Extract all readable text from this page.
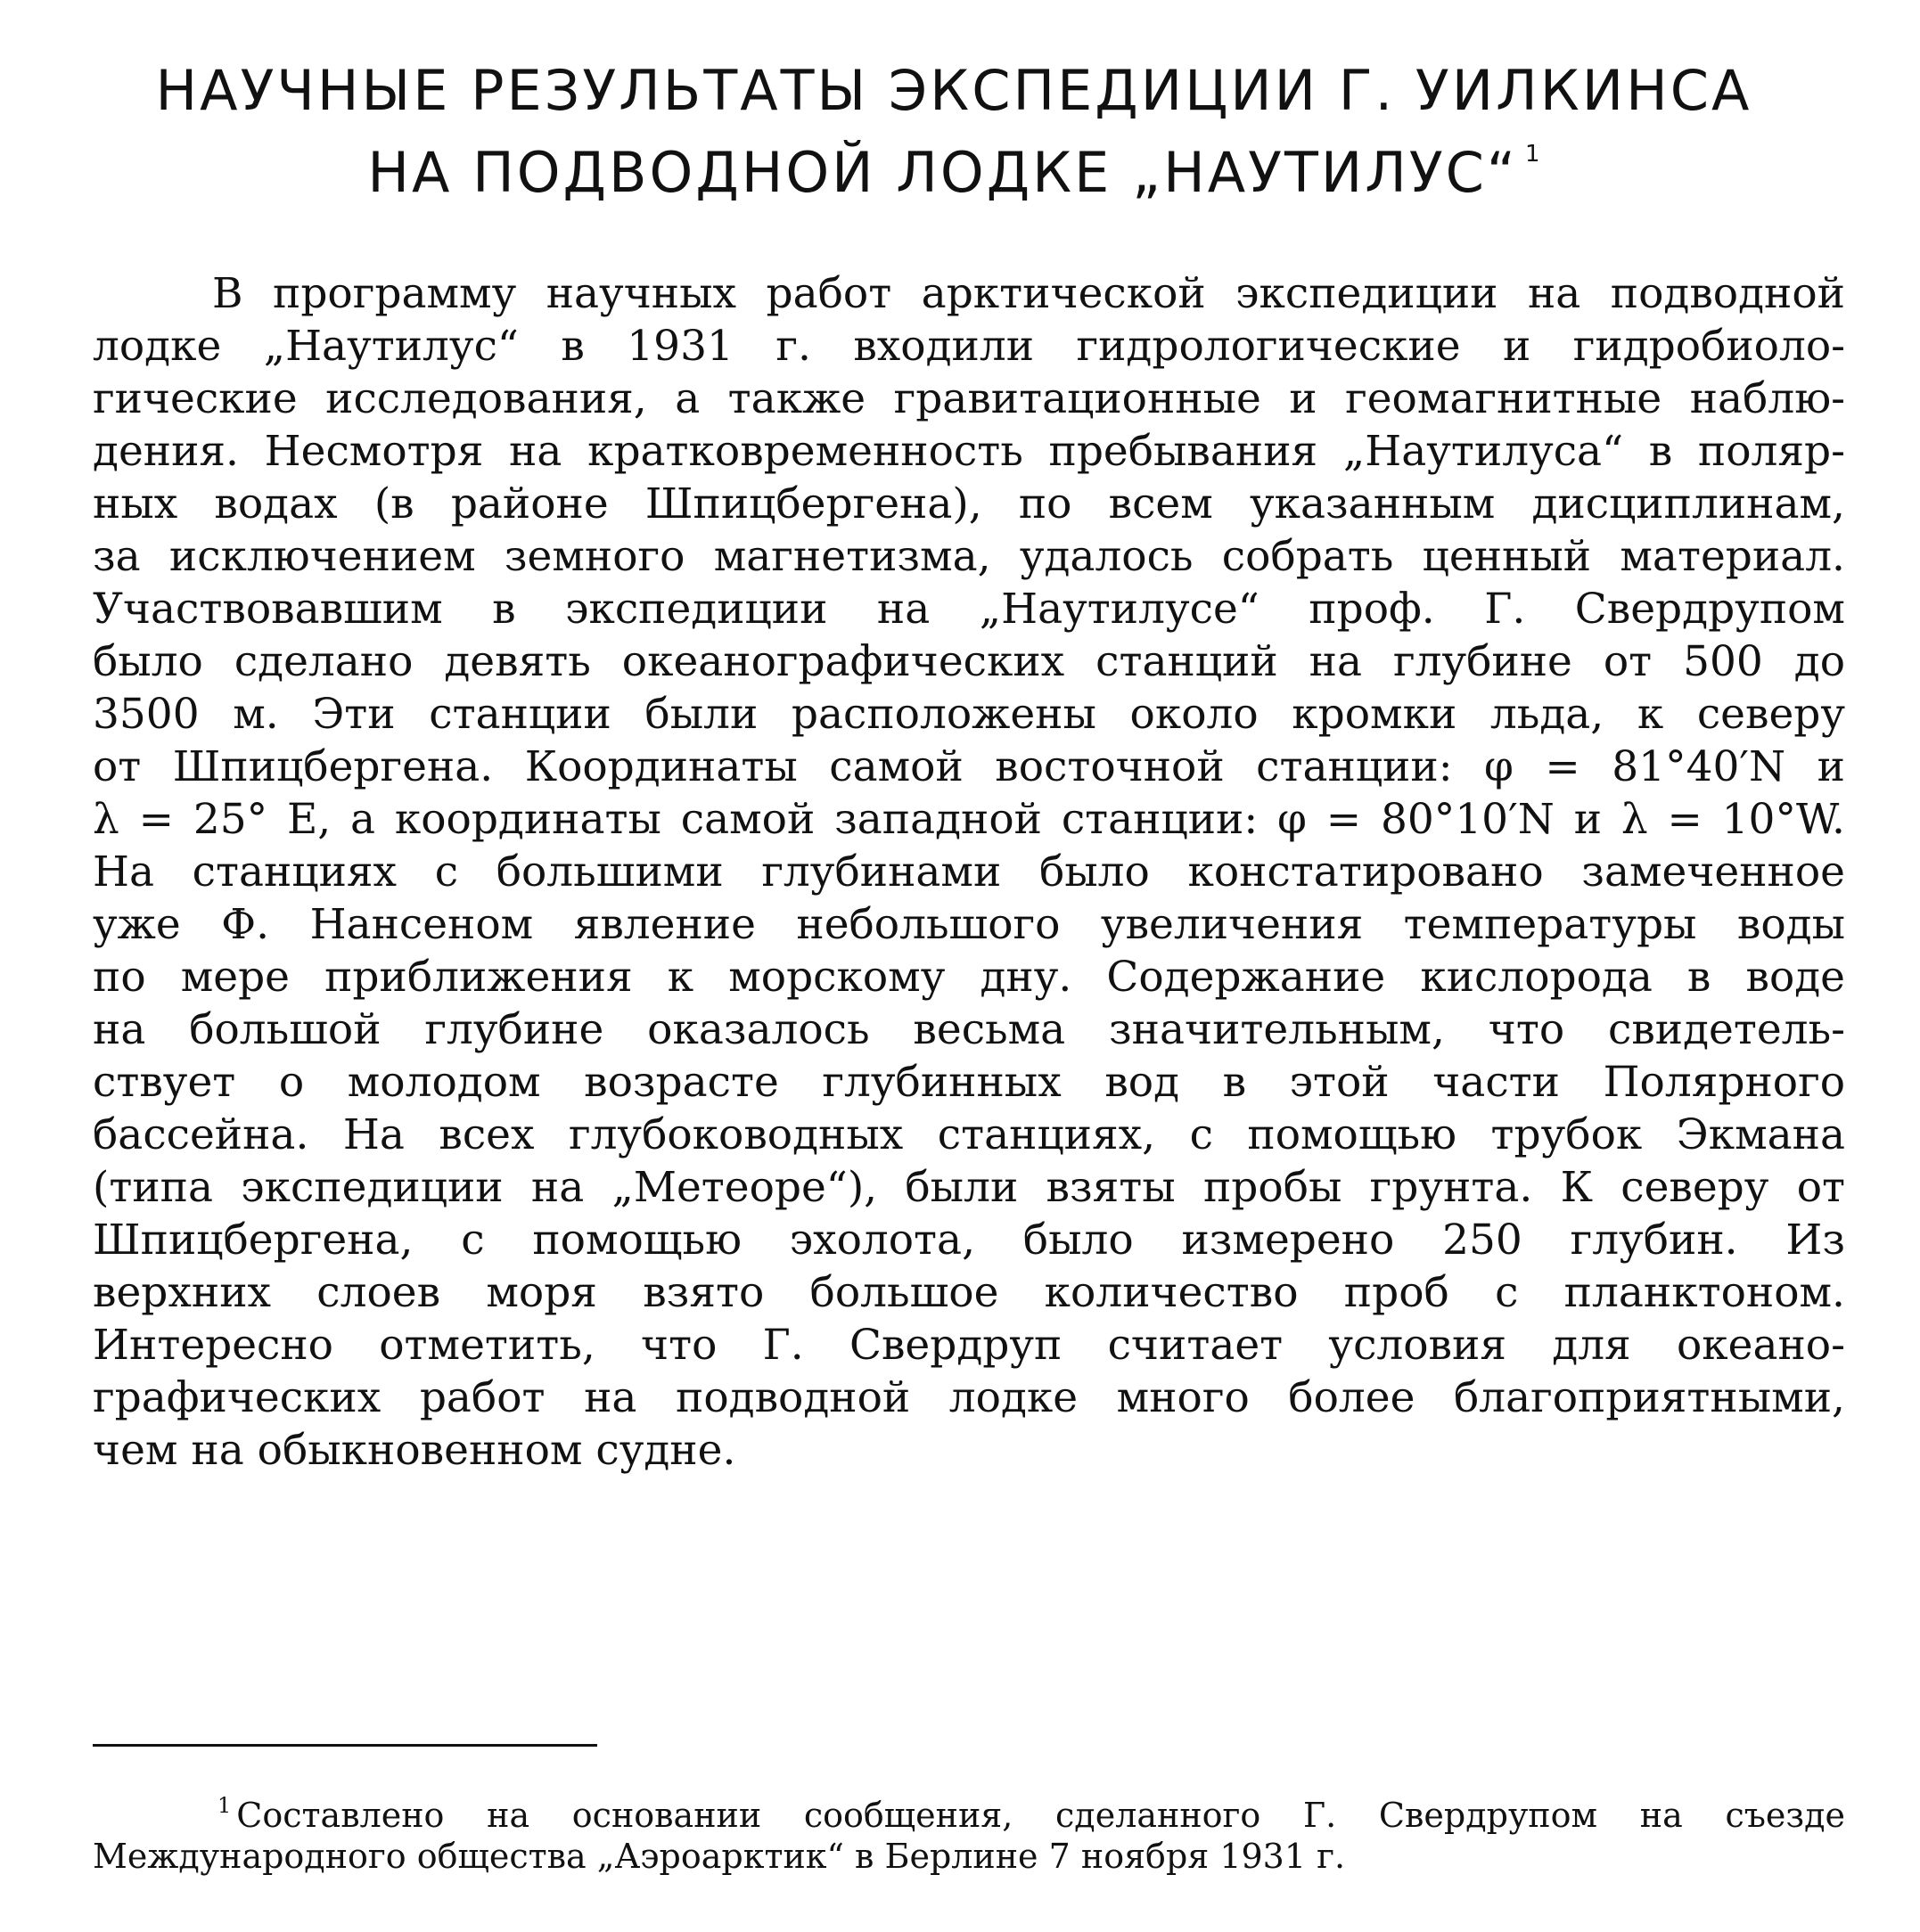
НАУЧНЫЕ РЕЗУЛЬТАТЫ ЭКСПЕДИЦИИ Г. УИЛКИНСА
НА ПОДВОДНОЙ ЛОДКЕ „НАУТИЛУС“ $^1$
В программу научных работ арктической экспедиции на подводной
лодке „Наутилус“ в 1931 г. входили гидрологические и гидробиоло-
гические исследования, а также гравитационные и геомагнитные наблю-
дения. Несмотря на кратковременность пребывания „Наутилуса“ в поляр-
ных водах (в районе Шпицбергена), по всем указанным дисциплинам,
за исключением земного магнетизма, удалось собрать ценный материал.
Участвовавшим в экспедиции на „Наутилусе“ проф. Г. Свердрупом
было сделано девять океанографических станций на глубине от 500 до
3500 м. Эти станции были расположены около кромки льда, к северу
от Шпицбергена. Координаты самой восточной станции: φ = 81°40′N и
λ = 25° E, а координаты самой западной станции: φ = 80°10′N и λ = 10°W.
На станциях с большими глубинами было констатировано замеченное
уже Ф. Нансеном явление небольшого увеличения температуры воды
по мере приближения к морскому дну. Содержание кислорода в воде
на большой глубине оказалось весьма значительным, что свидетель-
ствует о молодом возрасте глубинных вод в этой части Полярного
бассейна. На всех глубоководных станциях, с помощью трубок Экмана
(типа экспедиции на „Метеоре“), были взяты пробы грунта. К северу от
Шпицбергена, с помощью эхолота, было измерено 250 глубин. Из
верхних слоев моря взято большое количество проб с планктоном.
Интересно отметить, что Г. Свердруп считает условия для океано-
графических работ на подводной лодке много более благоприятными,
чем на обыкновенном судне.
$^1$ Составлено на основании сообщения, сделанного Г. Свердрупом на съезде
Международного общества „Аэроарктик“ в Берлине 7 ноября 1931 г.
